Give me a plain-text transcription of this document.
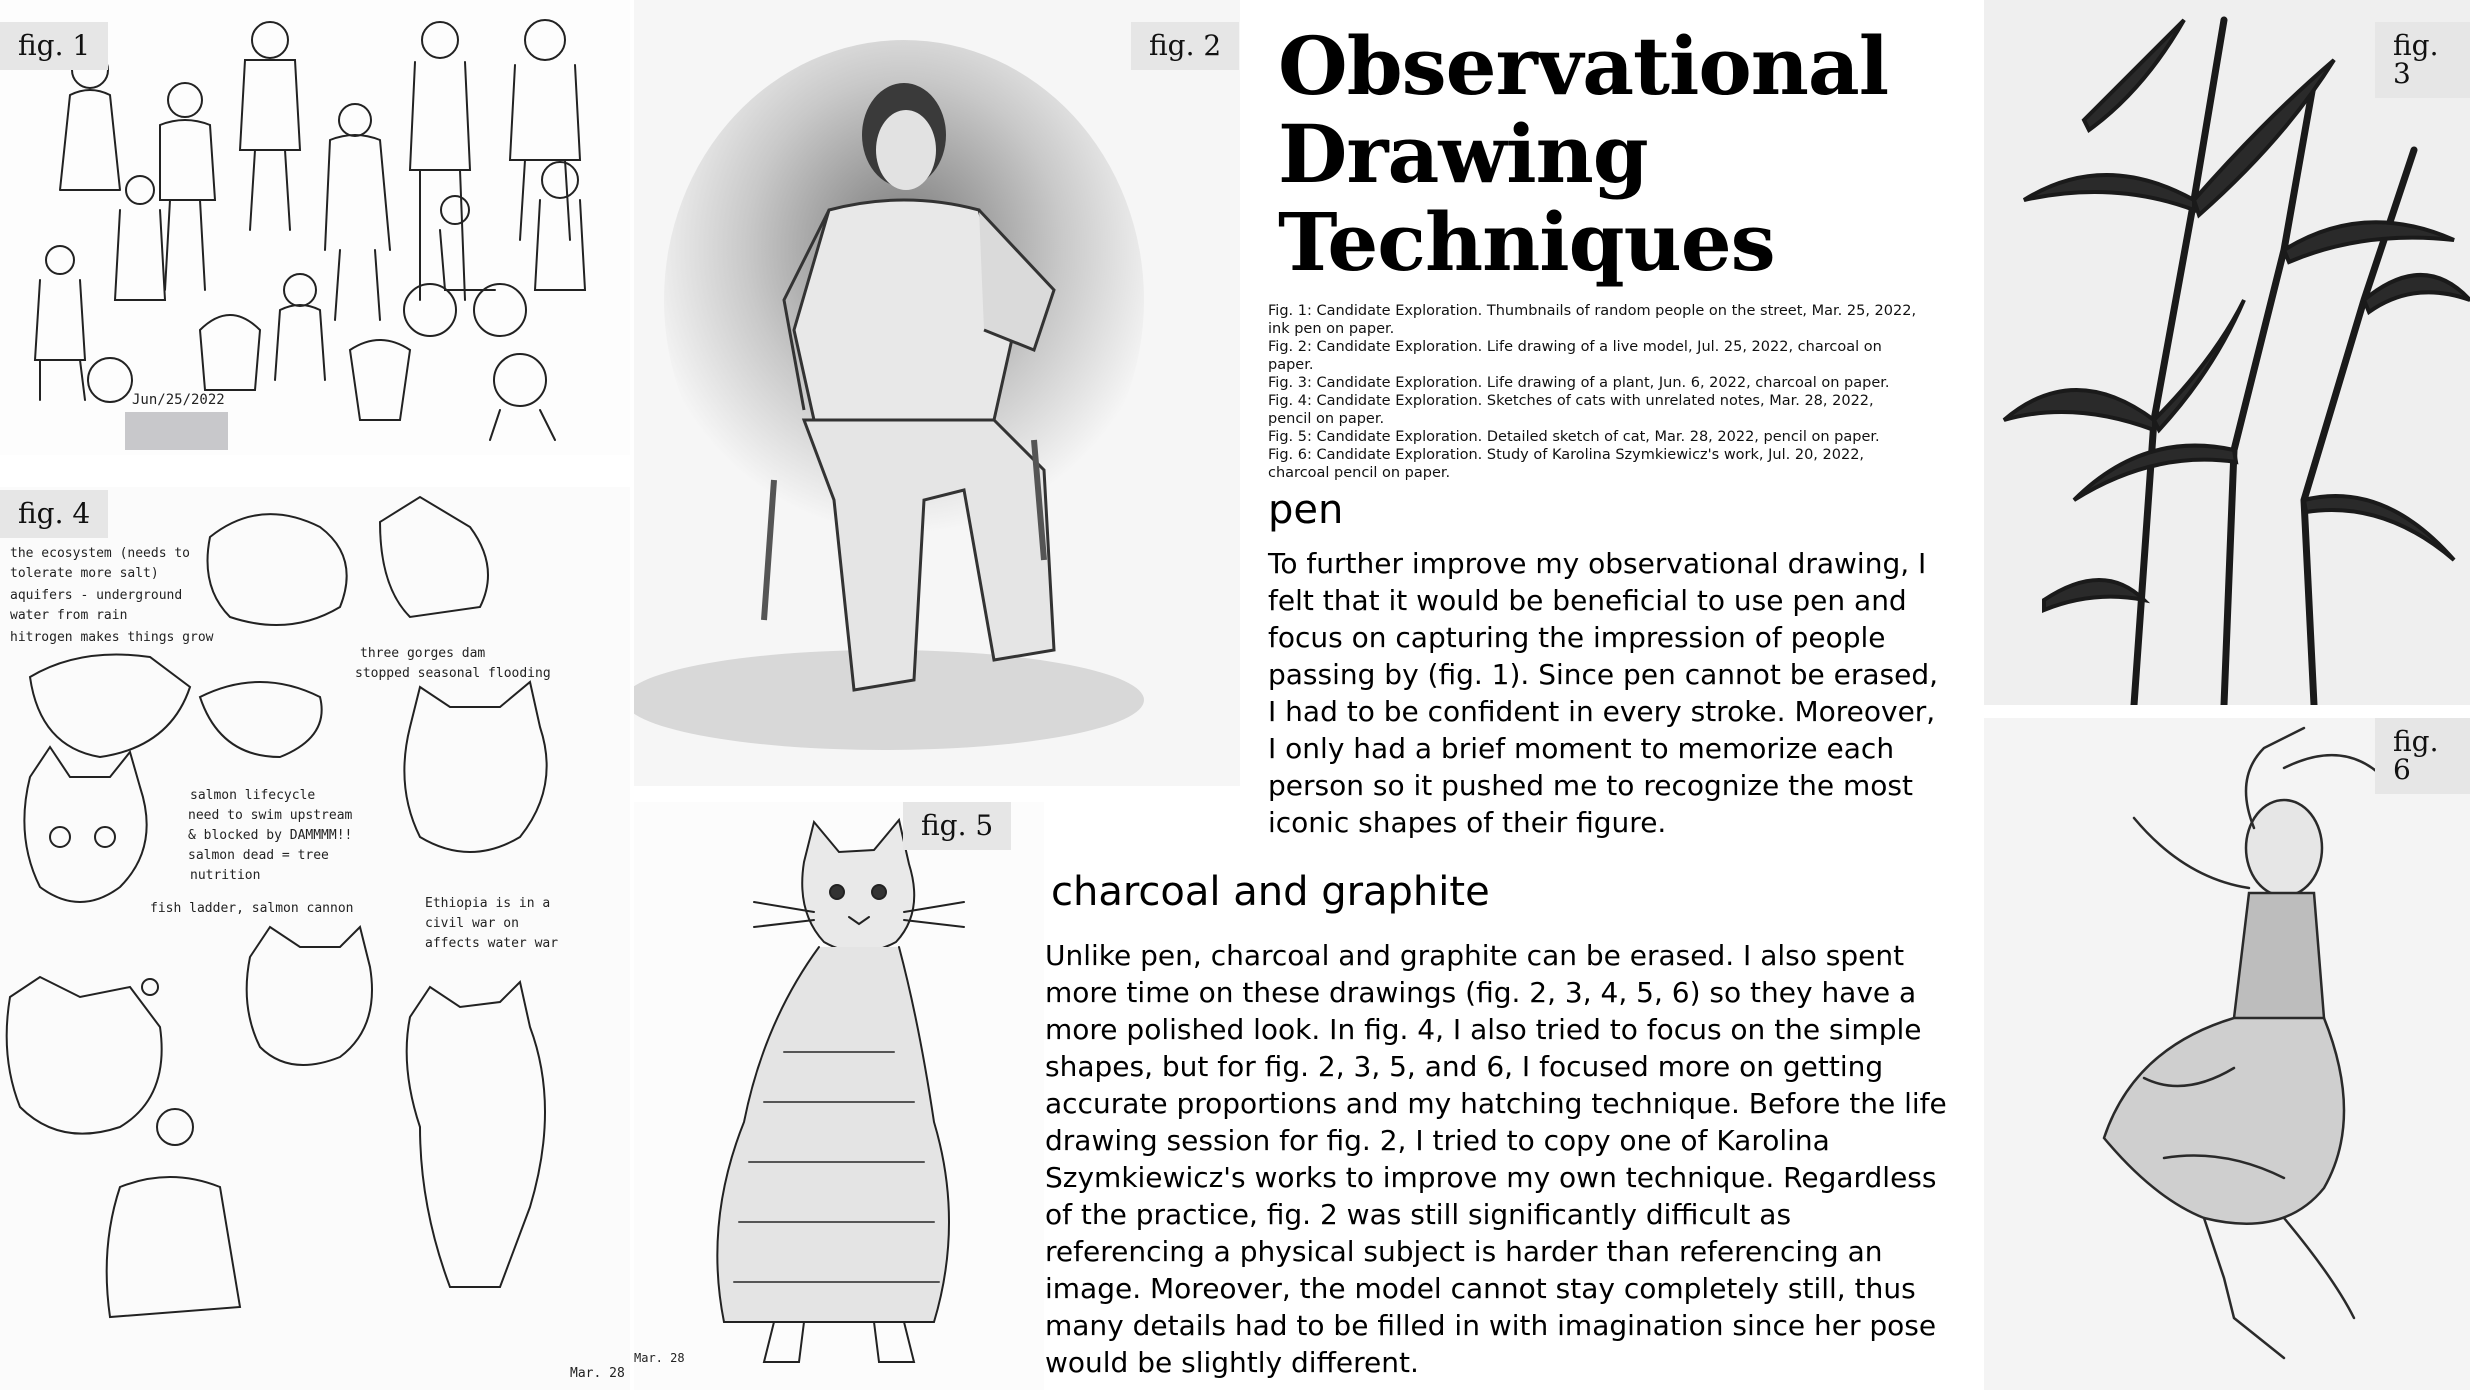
Jun/25/2022
fig. 1
the ecosystem (needs to
tolerate more salt)
aquifers - underground
water from rain
hitrogen makes things grow
three gorges dam
stopped seasonal flooding
salmon lifecycle
need to swim upstream
& blocked by DAMMMM!!
salmon dead = tree
nutrition
fish ladder, salmon cannon	Ethiopia is in a
civil war on
affects water war
Mar. 28
fig. 4
fig. 2
Mar. 28
fig. 5
fig. 3
fig. 6
Observational
Drawing
Techniques
Fig. 1: Candidate Exploration. Thumbnails of random people on the street, Mar. 25, 2022, ink pen on paper.
Fig. 2: Candidate Exploration. Life drawing of a live model, Jul. 25, 2022, charcoal on paper.
Fig. 3: Candidate Exploration. Life drawing of a plant, Jun. 6, 2022, charcoal on paper.
Fig. 4: Candidate Exploration. Sketches of cats with unrelated notes, Mar. 28, 2022, pencil on paper.
Fig. 5: Candidate Exploration. Detailed sketch of cat, Mar. 28, 2022, pencil on paper.
Fig. 6: Candidate Exploration. Study of Karolina Szymkiewicz's work, Jul. 20, 2022, charcoal pencil on paper.
pen

To further improve my observational drawing, I felt that it would be beneficial to use pen and focus on capturing the impression of people passing by (fig. 1). Since pen cannot be erased, I had to be confident in every stroke. Moreover, I only had a brief moment to memorize each person so it pushed me to recognize the most iconic shapes of their figure.

charcoal and graphite

Unlike pen, charcoal and graphite can be erased. I also spent more time on these drawings (fig. 2, 3, 4, 5, 6) so they have a more polished look. In fig. 4, I also tried to focus on the simple shapes, but for fig. 2, 3, 5, and 6, I focused more on getting accurate proportions and my hatching technique. Before the life drawing session for fig. 2, I tried to copy one of Karolina Szymkiewicz's works to improve my own technique. Regardless of the practice, fig. 2 was still significantly difficult as referencing a physical subject is harder than referencing an image. Moreover, the model cannot stay completely still, thus many details had to be filled in with imagination since her pose would be slightly different.
